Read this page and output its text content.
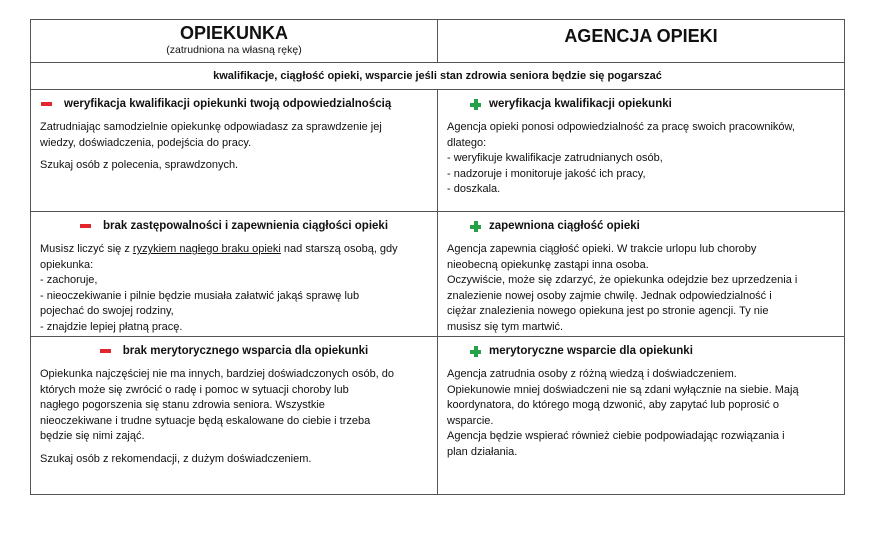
OPIEKUNKA
(zatrudniona na własną rękę)
AGENCJA OPIEKI
kwalifikacje, ciągłość opieki, wsparcie jeśli stan zdrowia seniora będzie się pogarszać
weryfikacja kwalifikacji opiekunki twoją odpowiedzialnością
Zatrudniając samodzielnie opiekunkę odpowiadasz za sprawdzenie jej
wiedzy, doświadczenia, podejścia do pracy.
Szukaj osób z polecenia, sprawdzonych.
weryfikacja kwalifikacji opiekunki
Agencja opieki ponosi odpowiedzialność za pracę swoich pracowników,
dlatego:
- weryfikuje kwalifikacje zatrudnianych osób,
- nadzoruje i monitoruje jakość ich pracy,
- doszkala.
brak zastępowalności i zapewnienia ciągłości opieki
Musisz liczyć się z ryzykiem nagłego braku opieki nad starszą osobą, gdy
opiekunka:
- zachoruje,
- nieoczekiwanie i pilnie będzie musiała załatwić jakąś sprawę lub
pojechać do swojej rodziny,
- znajdzie lepiej płatną pracę.
zapewniona ciągłość opieki
Agencja zapewnia ciągłość opieki. W trakcie urlopu lub choroby
nieobecną opiekunkę zastąpi inna osoba.
Oczywiście, może się zdarzyć, że opiekunka odejdzie bez uprzedzenia i
znalezienie nowej osoby zajmie chwilę. Jednak odpowiedzialność i
ciężar znalezienia nowego opiekuna jest po stronie agencji. Ty nie
musisz się tym martwić.
brak merytorycznego wsparcia dla opiekunki
Opiekunka najczęściej nie ma innych, bardziej doświadczonych osób, do
których może się zwrócić o radę i pomoc w sytuacji choroby lub
nagłego pogorszenia się stanu zdrowia seniora. Wszystkie
nieoczekiwane i trudne sytuacje będą eskalowane do ciebie i trzeba
będzie się nimi zająć.
Szukaj osób z rekomendacji, z dużym doświadczeniem.
merytoryczne wsparcie dla opiekunki
Agencja zatrudnia osoby z różną wiedzą i doświadczeniem.
Opiekunowie mniej doświadczeni nie są zdani wyłącznie na siebie. Mają
koordynatora, do którego mogą dzwonić, aby zapytać lub poprosić o
wsparcie.
Agencja będzie wspierać również ciebie podpowiadając rozwiązania i
plan działania.
